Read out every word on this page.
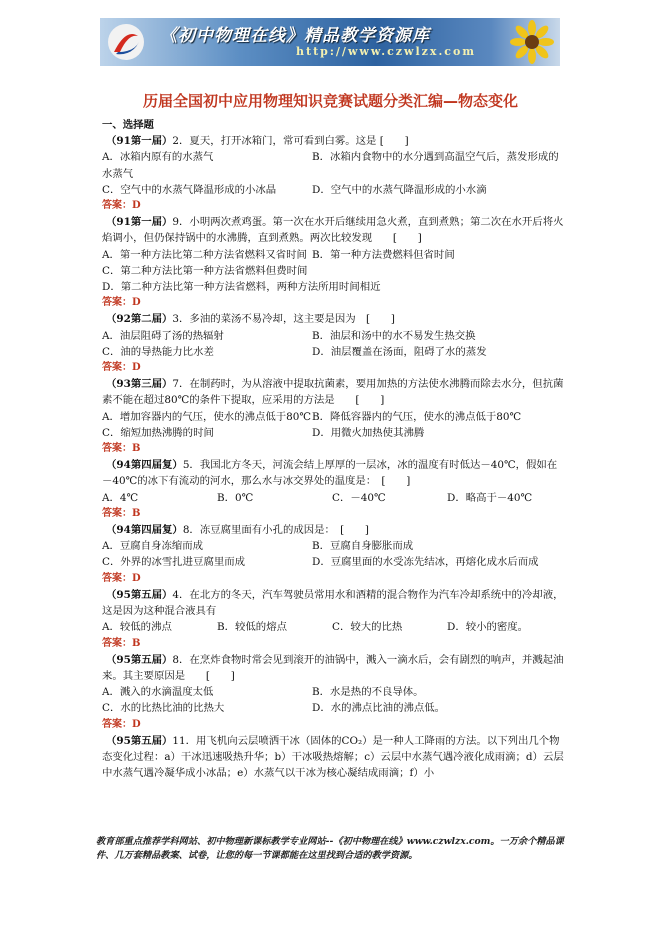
《初中物理在线》精品教学资源库
http://www.czwlzx.com
历届全国初中应用物理知识竞赛试题分类汇编—物态变化
一、选择题
（91第一届）2．夏天，打开冰箱门，常可看到白雾。这是 [　　]
A．冰箱内原有的水蒸气	B．冰箱内食物中的水分遇到高温空气后，蒸发形成的水蒸气
C．空气中的水蒸气降温形成的小冰晶	D．空气中的水蒸气降温形成的小水滴
答案：D
（91第一届）9．小明两次煮鸡蛋。第一次在水开后继续用急火煮，直到煮熟；第二次在水开后将火焰调小，但仍保持锅中的水沸腾，直到煮熟。两次比较发现　　[　　]
A．第一种方法比第二种方法省燃料又省时间 B．第一种方法费燃料但省时间
C．第二种方法比第一种方法省燃料但费时间
D．第二种方法比第一种方法省燃料，两种方法所用时间相近
答案：D
（92第二届）3．多油的菜汤不易冷却，这主要是因为　[　　]
A．油层阻碍了汤的热辐射	B．油层和汤中的水不易发生热交换
C．油的导热能力比水差	D．油层覆盖在汤面，阻碍了水的蒸发
答案：D
（93第三届）7．在制药时，为从溶液中提取抗菌素，要用加热的方法使水沸腾而除去水分，但抗菌素不能在超过80℃的条件下提取，应采用的方法是　　[　　]
A．增加容器内的气压，使水的沸点低于80℃B．降低容器内的气压，使水的沸点低于80℃
C．缩短加热沸腾的时间	D．用微火加热使其沸腾
答案：B
（94第四届复）5．我国北方冬天，河流会结上厚厚的一层冰，冰的温度有时低达－40℃，假如在－40℃的冰下有流动的河水，那么水与冰交界处的温度是：　[　　]
A．4℃	B．0℃	C．－40℃	D．略高于－40℃
答案：B
（94第四届复）8．冻豆腐里面有小孔的成因是：　[　　]
A．豆腐自身冻缩而成	B．豆腐自身膨胀而成
C．外界的冰雪扎进豆腐里而成	D．豆腐里面的水受冻先结冰，再熔化成水后而成
答案：D
（95第五届）4．在北方的冬天，汽车驾驶员常用水和酒精的混合物作为汽车冷却系统中的冷却液，这是因为这种混合液具有
A．较低的沸点	B．较低的熔点	C．较大的比热	D．较小的密度。
答案：B
（95第五届）8．在烹炸食物时常会见到滚开的油锅中，溅入一滴水后，会有剧烈的响声，并溅起油来。其主要原因是　　[　　]
A．溅入的水滴温度太低	B．水是热的不良导体。
C．水的比热比油的比热大	D．水的沸点比油的沸点低。
答案：D
（95第五届）11．用飞机向云层喷洒干冰（固体的CO₂）是一种人工降雨的方法。以下列出几个物态变化过程：a）干冰迅速吸热升华；b）干冰吸热熔解；c）云层中水蒸气遇冷液化成雨滴；d）云层中水蒸气遇冷凝华成小冰晶；e）水蒸气以干冰为核心凝结成雨滴；f）小
教育部重点推荐学科网站、初中物理新课标教学专业网站--《初中物理在线》www.czwlzx.com。一万余个精品课件、几万套精品教案、试卷，让您的每一节课都能在这里找到合适的教学资源。
